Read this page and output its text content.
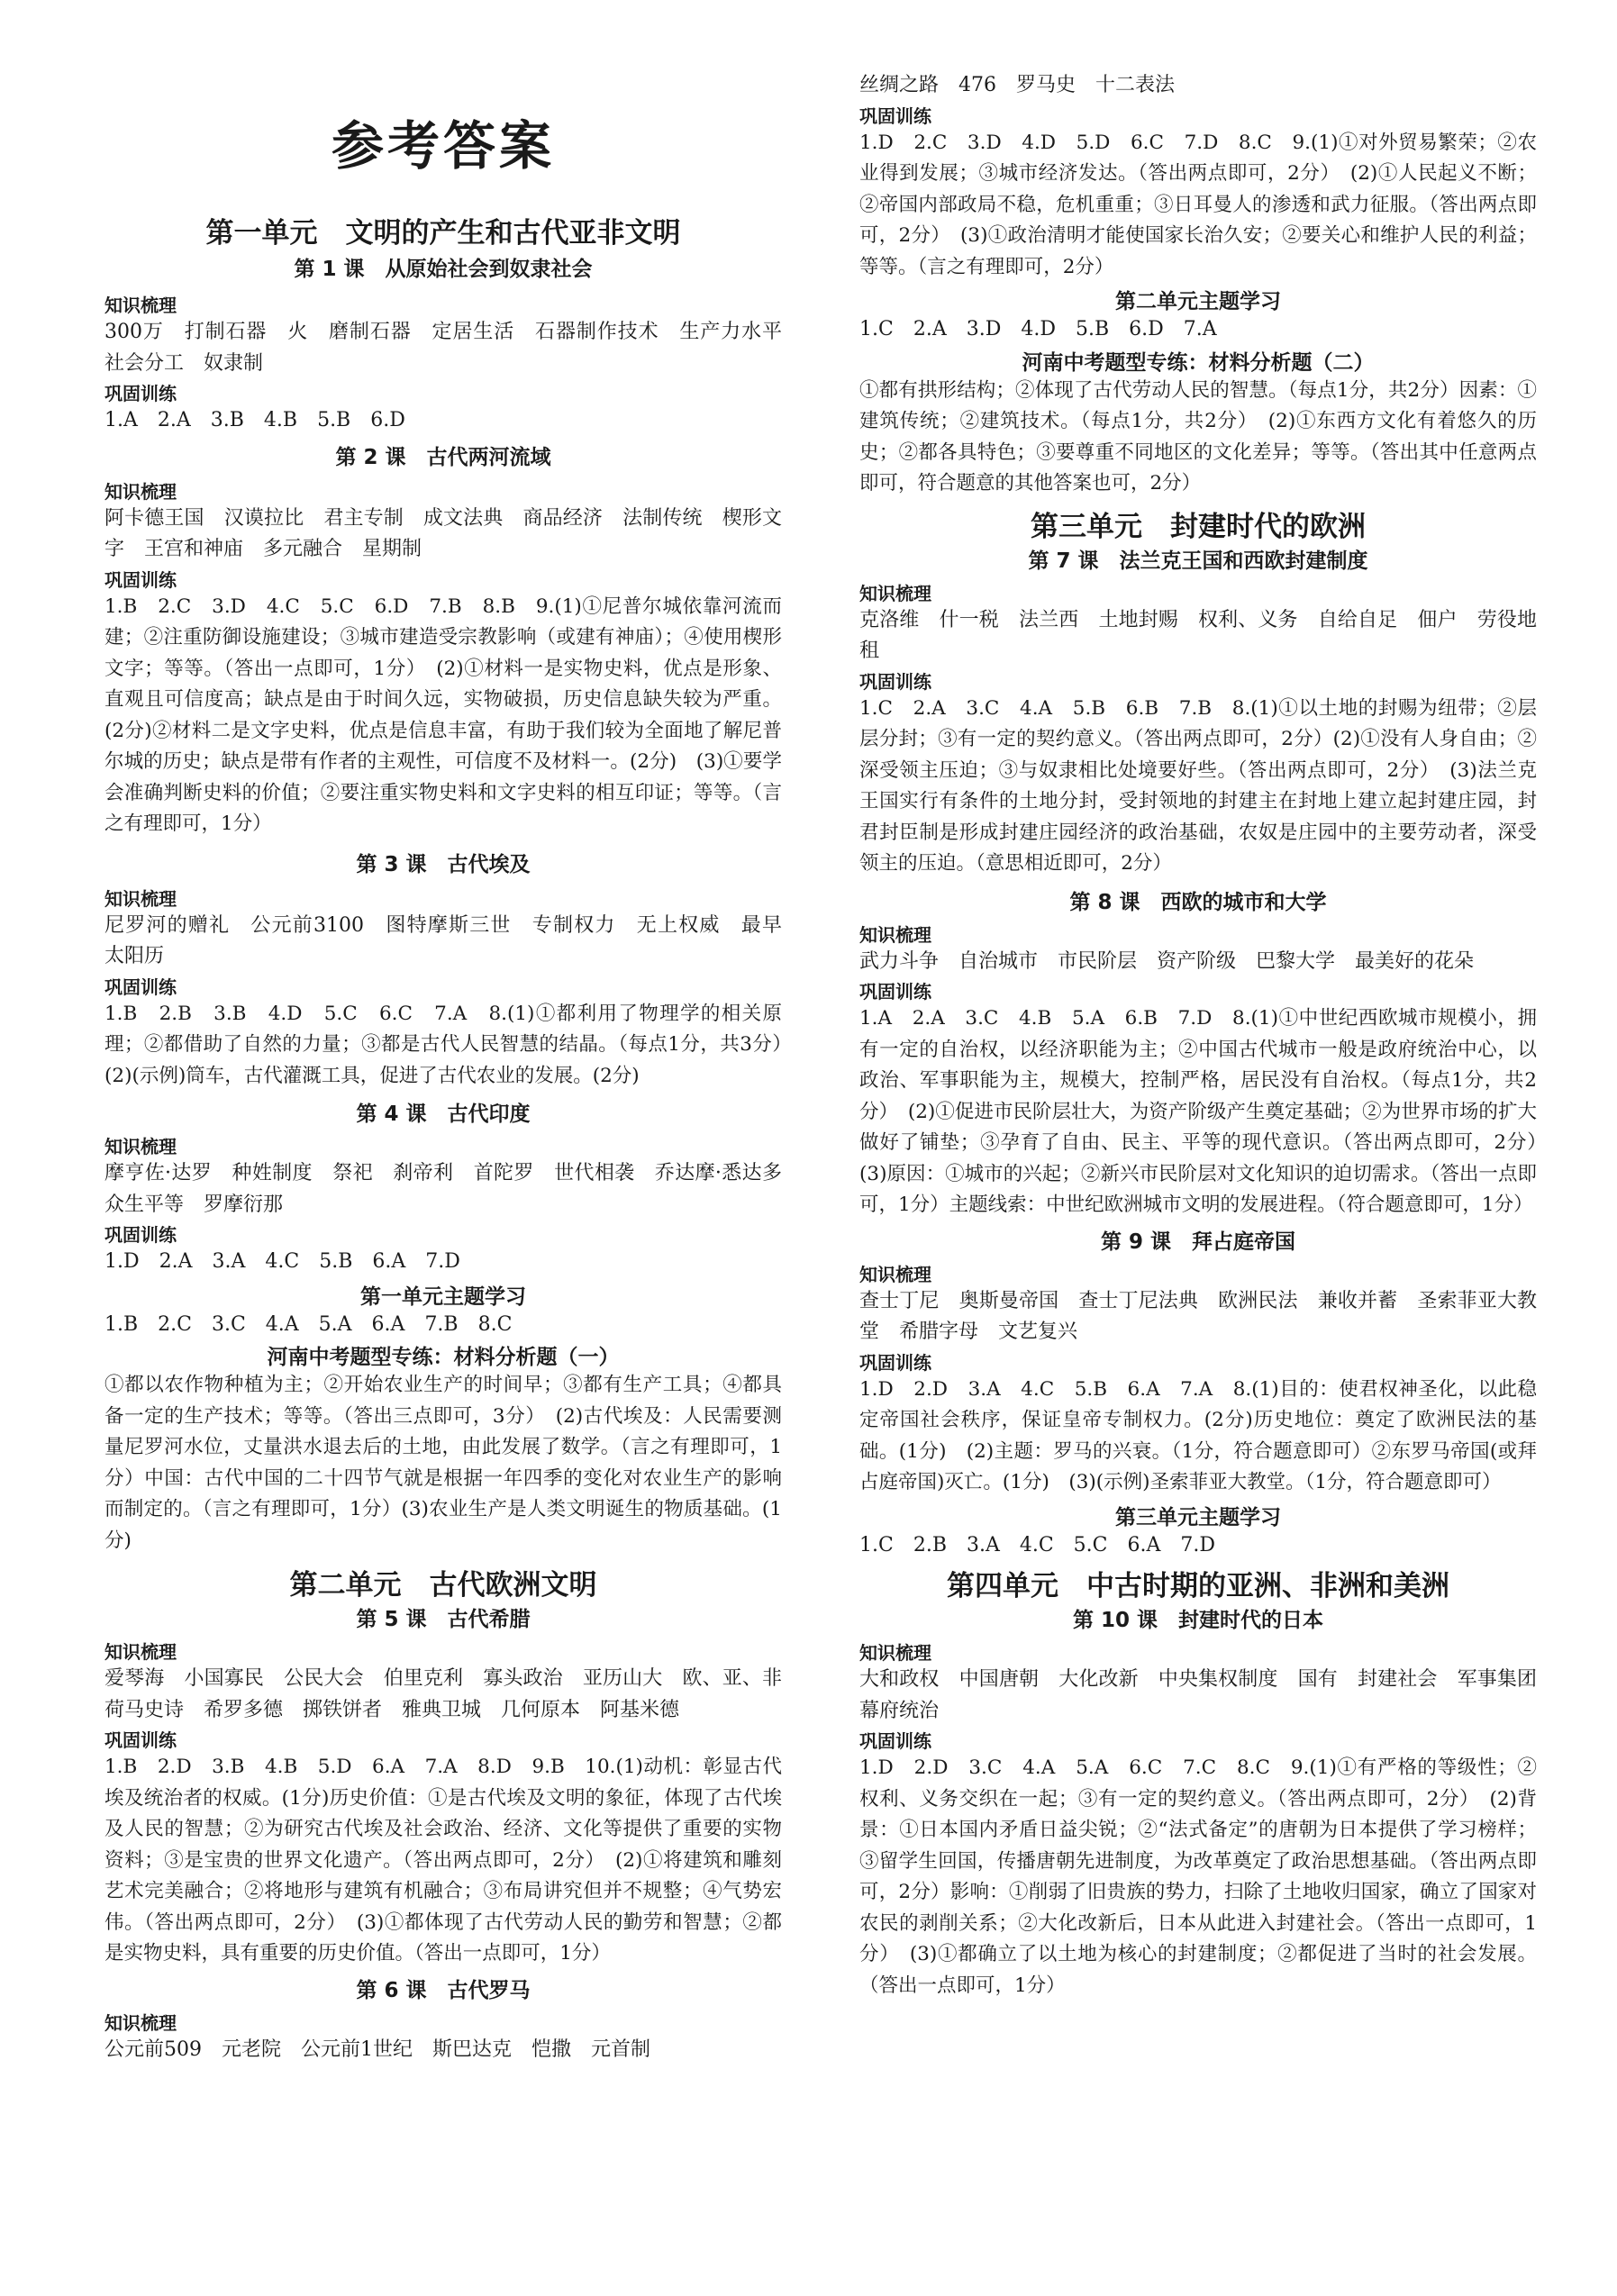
参考答案

第一单元　文明的产生和古代亚非文明

第 1 课　从原始社会到奴隶社会

知识梳理

300万　打制石器　火　磨制石器　定居生活　石器制作技术　生产力水平　社会分工　奴隶制

巩固训练

1.A　2.A　3.B　4.B　5.B　6.D

第 2 课　古代两河流域

知识梳理

阿卡德王国　汉谟拉比　君主专制　成文法典　商品经济　法制传统　楔形文字　王宫和神庙　多元融合　星期制

巩固训练

1.B　2.C　3.D　4.C　5.C　6.D　7.B　8.B　9.(1)①尼普尔城依靠河流而建；②注重防御设施建设；③城市建造受宗教影响（或建有神庙）；④使用楔形文字；等等。（答出一点即可，1分）　(2)①材料一是实物史料，优点是形象、直观且可信度高；缺点是由于时间久远，实物破损，历史信息缺失较为严重。(2分)②材料二是文字史料，优点是信息丰富，有助于我们较为全面地了解尼普尔城的历史；缺点是带有作者的主观性，可信度不及材料一。(2分)　(3)①要学会准确判断史料的价值；②要注重实物史料和文字史料的相互印证；等等。（言之有理即可，1分）

第 3 课　古代埃及

知识梳理

尼罗河的赠礼　公元前3100　图特摩斯三世　专制权力　无上权威　最早　太阳历

巩固训练

1.B　2.B　3.B　4.D　5.C　6.C　7.A　8.(1)①都利用了物理学的相关原理；②都借助了自然的力量；③都是古代人民智慧的结晶。（每点1分，共3分）　(2)(示例)筒车，古代灌溉工具，促进了古代农业的发展。(2分)

第 4 课　古代印度

知识梳理

摩亨佐·达罗　种姓制度　祭祀　刹帝利　首陀罗　世代相袭　乔达摩·悉达多　众生平等　罗摩衍那

巩固训练

1.D　2.A　3.A　4.C　5.B　6.A　7.D

第一单元主题学习

1.B　2.C　3.C　4.A　5.A　6.A　7.B　8.C

河南中考题型专练：材料分析题（一）

①都以农作物种植为主；②开始农业生产的时间早；③都有生产工具；④都具备一定的生产技术；等等。（答出三点即可，3分）　(2)古代埃及：人民需要测量尼罗河水位，丈量洪水退去后的土地，由此发展了数学。（言之有理即可，1分）中国：古代中国的二十四节气就是根据一年四季的变化对农业生产的影响而制定的。（言之有理即可，1分）(3)农业生产是人类文明诞生的物质基础。(1分)

第二单元　古代欧洲文明

第 5 课　古代希腊

知识梳理

爱琴海　小国寡民　公民大会　伯里克利　寡头政治　亚历山大　欧、亚、非　荷马史诗　希罗多德　掷铁饼者　雅典卫城　几何原本　阿基米德

巩固训练

1.B　2.D　3.B　4.B　5.D　6.A　7.A　8.D　9.B　10.(1)动机：彰显古代埃及统治者的权威。(1分)历史价值：①是古代埃及文明的象征，体现了古代埃及人民的智慧；②为研究古代埃及社会政治、经济、文化等提供了重要的实物资料；③是宝贵的世界文化遗产。（答出两点即可，2分）　(2)①将建筑和雕刻艺术完美融合；②将地形与建筑有机融合；③布局讲究但并不规整；④气势宏伟。（答出两点即可，2分）　(3)①都体现了古代劳动人民的勤劳和智慧；②都是实物史料，具有重要的历史价值。（答出一点即可，1分）

第 6 课　古代罗马

知识梳理

公元前509　元老院　公元前1世纪　斯巴达克　恺撒　元首制

丝绸之路　476　罗马史　十二表法

巩固训练

1.D　2.C　3.D　4.D　5.D　6.C　7.D　8.C　9.(1)①对外贸易繁荣；②农业得到发展；③城市经济发达。（答出两点即可，2分）　(2)①人民起义不断；②帝国内部政局不稳，危机重重；③日耳曼人的渗透和武力征服。（答出两点即可，2分）　(3)①政治清明才能使国家长治久安；②要关心和维护人民的利益；等等。（言之有理即可，2分）

第二单元主题学习

1.C　2.A　3.D　4.D　5.B　6.D　7.A

河南中考题型专练：材料分析题（二）

①都有拱形结构；②体现了古代劳动人民的智慧。（每点1分，共2分）因素：①建筑传统；②建筑技术。（每点1分，共2分）　(2)①东西方文化有着悠久的历史；②都各具特色；③要尊重不同地区的文化差异；等等。（答出其中任意两点即可，符合题意的其他答案也可，2分）

第三单元　封建时代的欧洲

第 7 课　法兰克王国和西欧封建制度

知识梳理

克洛维　什一税　法兰西　土地封赐　权利、义务　自给自足　佃户　劳役地租

巩固训练

1.C　2.A　3.C　4.A　5.B　6.B　7.B　8.(1)①以土地的封赐为纽带；②层层分封；③有一定的契约意义。（答出两点即可，2分）(2)①没有人身自由；②深受领主压迫；③与奴隶相比处境要好些。（答出两点即可，2分）　(3)法兰克王国实行有条件的土地分封，受封领地的封建主在封地上建立起封建庄园，封君封臣制是形成封建庄园经济的政治基础，农奴是庄园中的主要劳动者，深受领主的压迫。（意思相近即可，2分）

第 8 课　西欧的城市和大学

知识梳理

武力斗争　自治城市　市民阶层　资产阶级　巴黎大学　最美好的花朵

巩固训练

1.A　2.A　3.C　4.B　5.A　6.B　7.D　8.(1)①中世纪西欧城市规模小，拥有一定的自治权，以经济职能为主；②中国古代城市一般是政府统治中心，以政治、军事职能为主，规模大，控制严格，居民没有自治权。（每点1分，共2分）　(2)①促进市民阶层壮大，为资产阶级产生奠定基础；②为世界市场的扩大做好了铺垫；③孕育了自由、民主、平等的现代意识。（答出两点即可，2分）　(3)原因：①城市的兴起；②新兴市民阶层对文化知识的迫切需求。（答出一点即可，1分）主题线索：中世纪欧洲城市文明的发展进程。（符合题意即可，1分）

第 9 课　拜占庭帝国

知识梳理

查士丁尼　奥斯曼帝国　查士丁尼法典　欧洲民法　兼收并蓄　圣索菲亚大教堂　希腊字母　文艺复兴

巩固训练

1.D　2.D　3.A　4.C　5.B　6.A　7.A　8.(1)目的：使君权神圣化，以此稳定帝国社会秩序，保证皇帝专制权力。(2分)历史地位：奠定了欧洲民法的基础。(1分)　(2)主题：罗马的兴衰。（1分，符合题意即可）②东罗马帝国(或拜占庭帝国)灭亡。(1分)　(3)(示例)圣索菲亚大教堂。（1分，符合题意即可）

第三单元主题学习

1.C　2.B　3.A　4.C　5.C　6.A　7.D

第四单元　中古时期的亚洲、非洲和美洲

第 10 课　封建时代的日本

知识梳理

大和政权　中国唐朝　大化改新　中央集权制度　国有　封建社会　军事集团　幕府统治

巩固训练

1.D　2.D　3.C　4.A　5.A　6.C　7.C　8.C　9.(1)①有严格的等级性；②权利、义务交织在一起；③有一定的契约意义。（答出两点即可，2分）　(2)背景：①日本国内矛盾日益尖锐；②“法式备定”的唐朝为日本提供了学习榜样；③留学生回国，传播唐朝先进制度，为改革奠定了政治思想基础。（答出两点即可，2分）影响：①削弱了旧贵族的势力，扫除了土地收归国家，确立了国家对农民的剥削关系；②大化改新后，日本从此进入封建社会。（答出一点即可，1分）　(3)①都确立了以土地为核心的封建制度；②都促进了当时的社会发展。（答出一点即可，1分）
